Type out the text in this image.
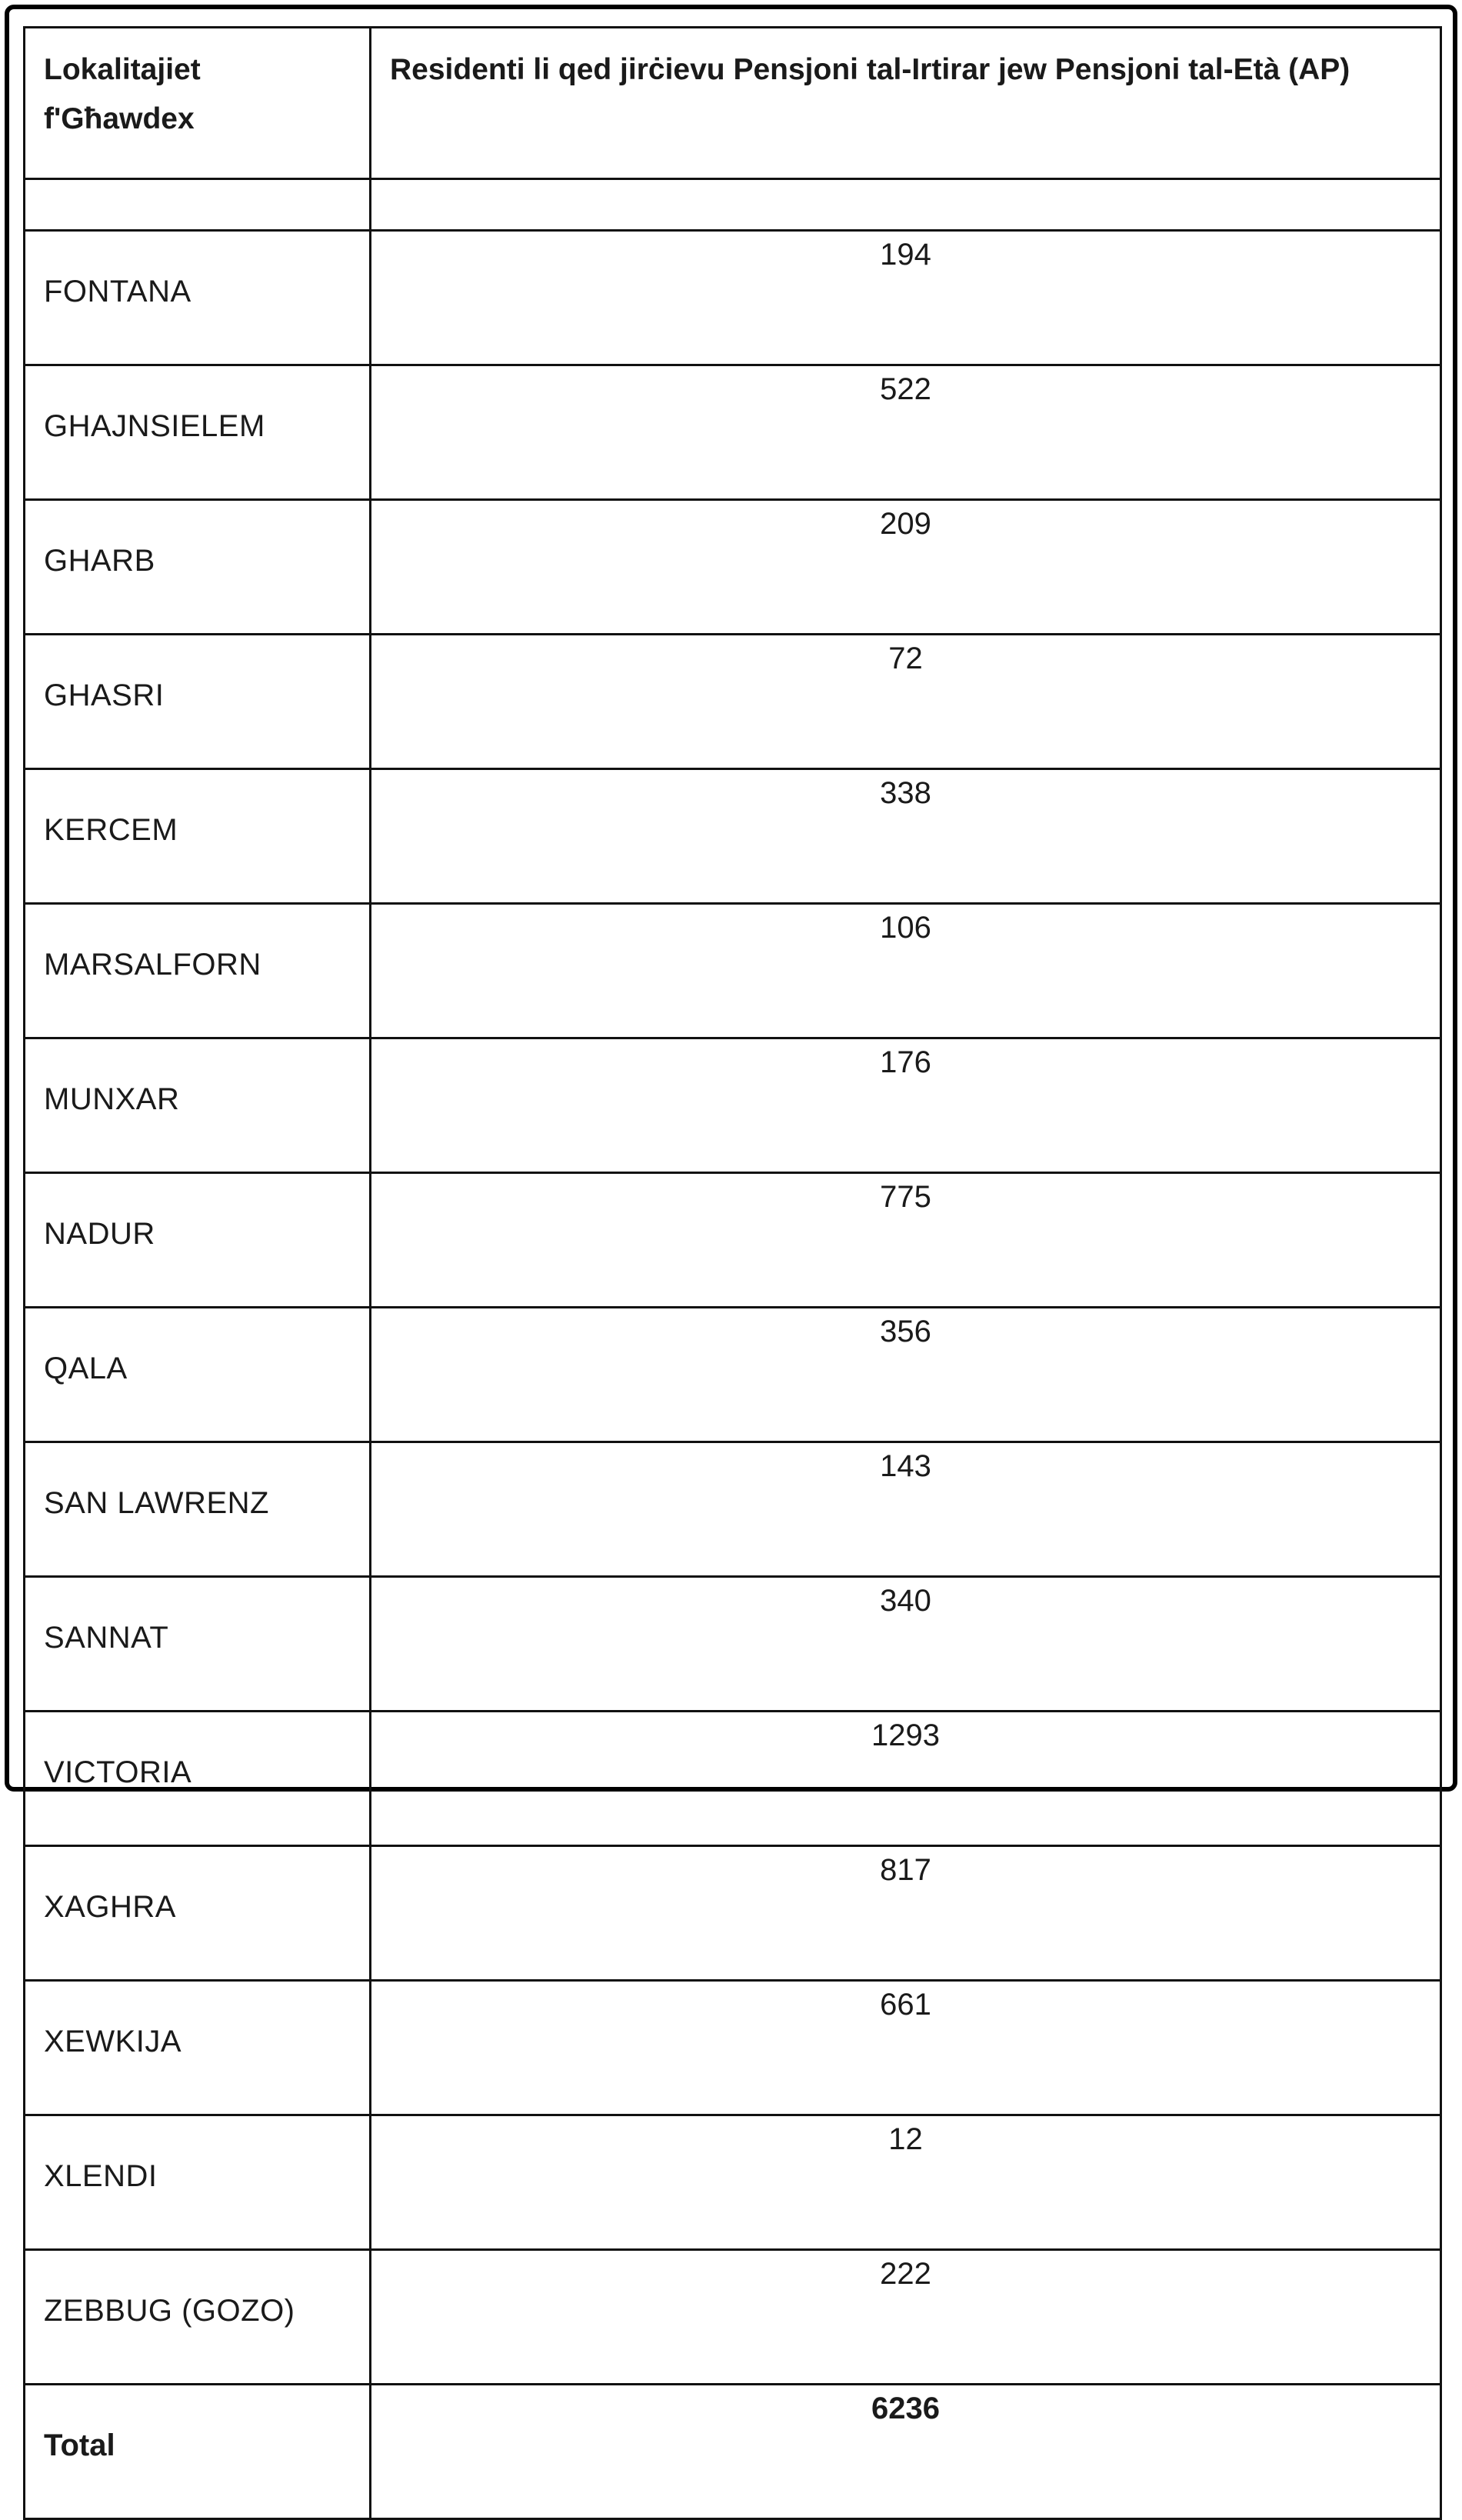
Lokalitajiet f'Għawdex	Residenti li qed jirċievu Pensjoni tal-Irtirar jew Pensjoni tal-Età (AP)

FONTANA	194
GHAJNSIELEM	522
GHARB	209
GHASRI	72
KERCEM	338
MARSALFORN	106
MUNXAR	176
NADUR	775
QALA	356
SAN LAWRENZ	143
SANNAT	340
VICTORIA	1293
XAGHRA	817
XEWKIJA	661
XLENDI	12
ZEBBUG (GOZO)	222
Total	6236
